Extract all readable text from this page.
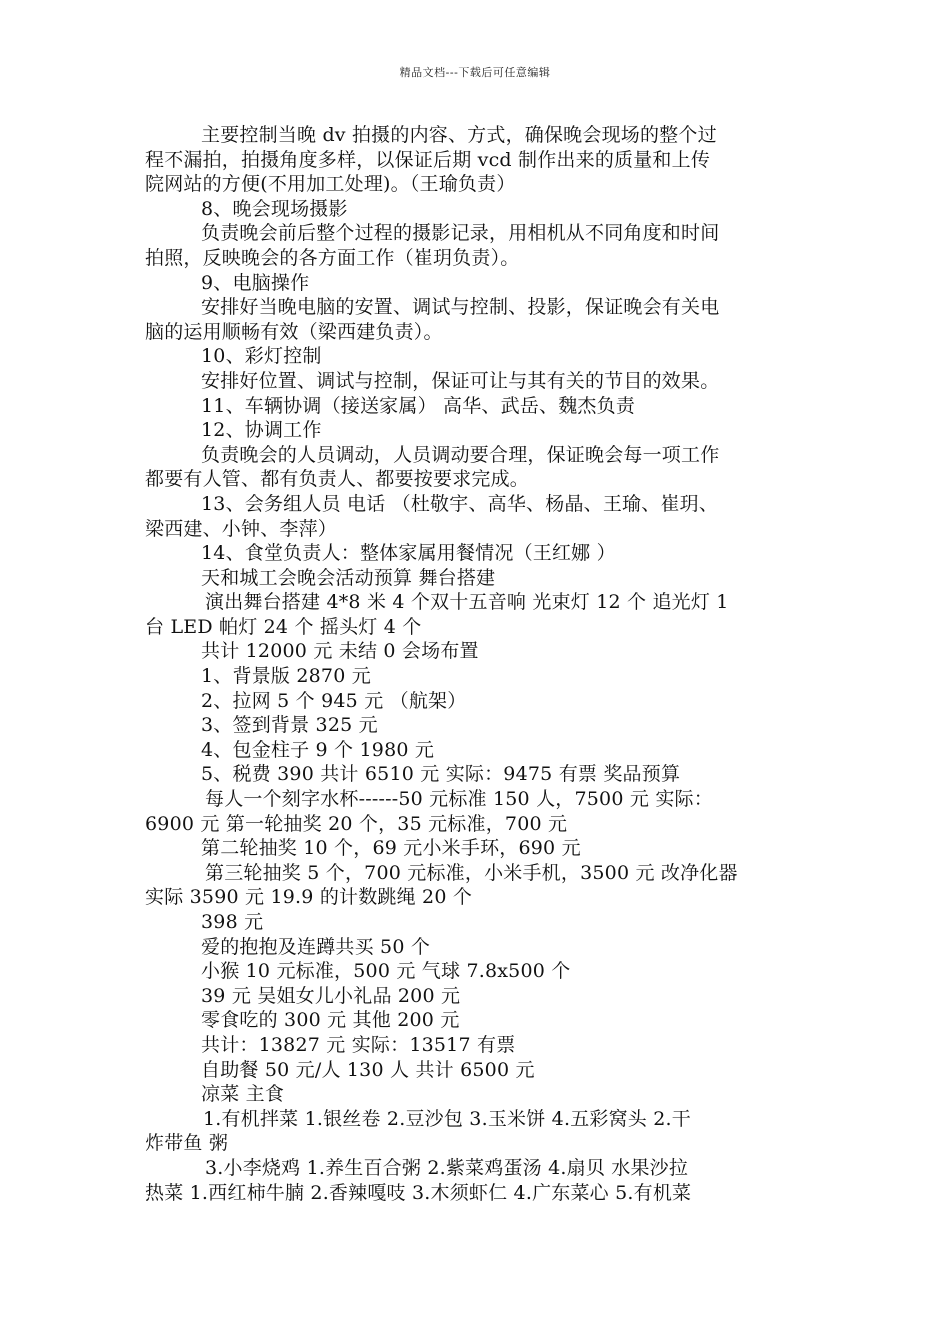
精品文档---下载后可任意编辑
主要控制当晚 dv 拍摄的内容、方式，确保晚会现场的整个过
程不漏拍，拍摄角度多样，以保证后期 vcd 制作出来的质量和上传
院网站的方便(不用加工处理)。（王瑜负责）
8、晚会现场摄影
负责晚会前后整个过程的摄影记录，用相机从不同角度和时间
拍照，反映晚会的各方面工作（崔玥负责）。
9、电脑操作
安排好当晚电脑的安置、调试与控制、投影，保证晚会有关电
脑的运用顺畅有效（梁西建负责）。
10、彩灯控制
安排好位置、调试与控制，保证可让与其有关的节目的效果。
11、车辆协调（接送家属） 高华、武岳、魏杰负责
12、协调工作
负责晚会的人员调动，人员调动要合理，保证晚会每一项工作
都要有人管、都有负责人、都要按要求完成。
13、会务组人员 电话 （杜敬宇、高华、杨晶、王瑜、崔玥、
梁西建、小钟、李萍）
14、食堂负责人：整体家属用餐情况（王红娜 ）
天和城工会晚会活动预算 舞台搭建
演出舞台搭建 4*8 米 4 个双十五音响 光束灯 12 个 追光灯 1
台 LED 帕灯 24 个 摇头灯 4 个
共计 12000 元 未结 0 会场布置
1、背景版 2870 元
2、拉网 5 个 945 元 （航架）
3、签到背景 325 元
4、包金柱子 9 个 1980 元
5、税费 390 共计 6510 元 实际：9475 有票 奖品预算
每人一个刻字水杯------50 元标准 150 人，7500 元 实际：
6900 元 第一轮抽奖 20 个，35 元标准，700 元
第二轮抽奖 10 个，69 元小米手环，690 元
第三轮抽奖 5 个，700 元标准，小米手机，3500 元 改净化器
实际 3590 元 19.9 的计数跳绳 20 个
398 元
爱的抱抱及连蹲共买 50 个
小猴 10 元标准，500 元 气球 7.8x500 个
39 元 吴姐女儿小礼品 200 元
零食吃的 300 元 其他 200 元
共计：13827 元 实际：13517 有票
自助餐 50 元/人 130 人 共计 6500 元
凉菜 主食
1.有机拌菜 1.银丝卷 2.豆沙包 3.玉米饼 4.五彩窝头 2.干
炸带鱼 粥
3.小李烧鸡 1.养生百合粥 2.紫菜鸡蛋汤 4.扇贝 水果沙拉
热菜 1.西红柿牛腩 2.香辣嘎吱 3.木须虾仁 4.广东菜心 5.有机菜
